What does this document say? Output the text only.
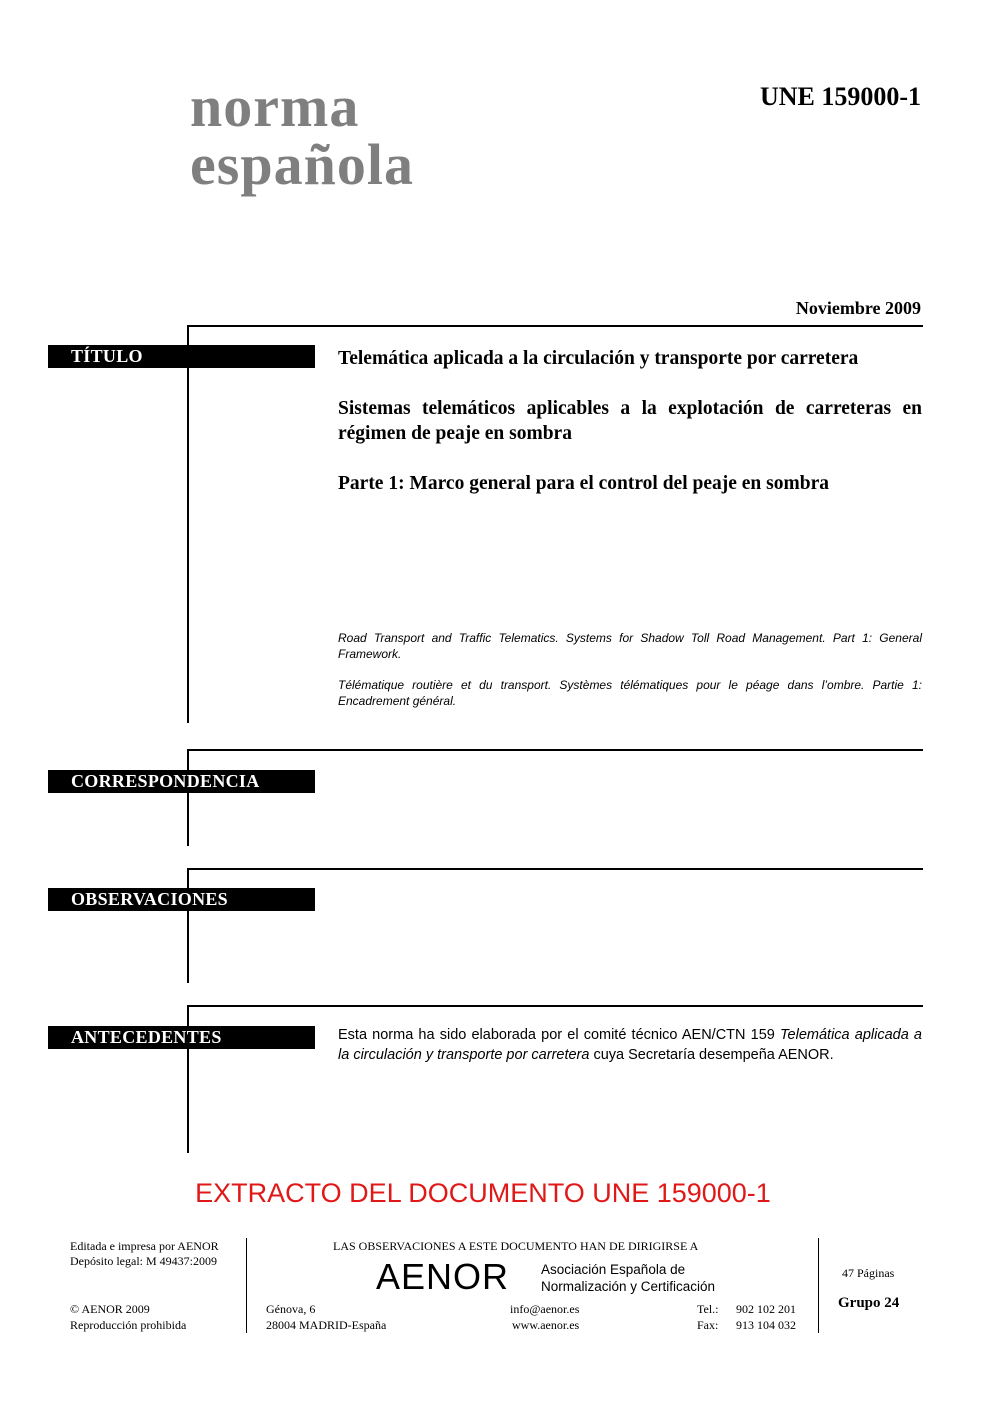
norma
española
UNE 159000-1
Noviembre 2009
TÍTULO	Telemática aplicada a la circulación y transporte por carretera

Sistemas telemáticos aplicables a la explotación de carreteras en régimen de peaje en sombra

Parte 1: Marco general para el control del peaje en sombra

Road Transport and Traffic Telematics. Systems for Shadow Toll Road Management. Part 1: General Framework.

Télématique routière et du transport. Systèmes télématiques pour le péage dans l’ombre. Partie 1: Encadrement général.

CORRESPONDENCIA
OBSERVACIONES
ANTECEDENTES	Esta norma ha sido elaborada por el comité técnico AEN/CTN 159 Telemática aplicada a la circulación y transporte por carretera cuya Secretaría desempeña AENOR.
EXTRACTO DEL DOCUMENTO UNE 159000-1
Editada e impresa por AENOR
Depósito legal: M 49437:2009
© AENOR 2009
Reproducción prohibida
LAS OBSERVACIONES A ESTE DOCUMENTO HAN DE DIRIGIRSE A
AENOR Asociación Española de
Normalización y Certificación
Génova, 6
28004 MADRID-España
info@aenor.es
www.aenor.es
Tel.: 902 102 201
Fax: 913 104 032
47 Páginas
Grupo 24
